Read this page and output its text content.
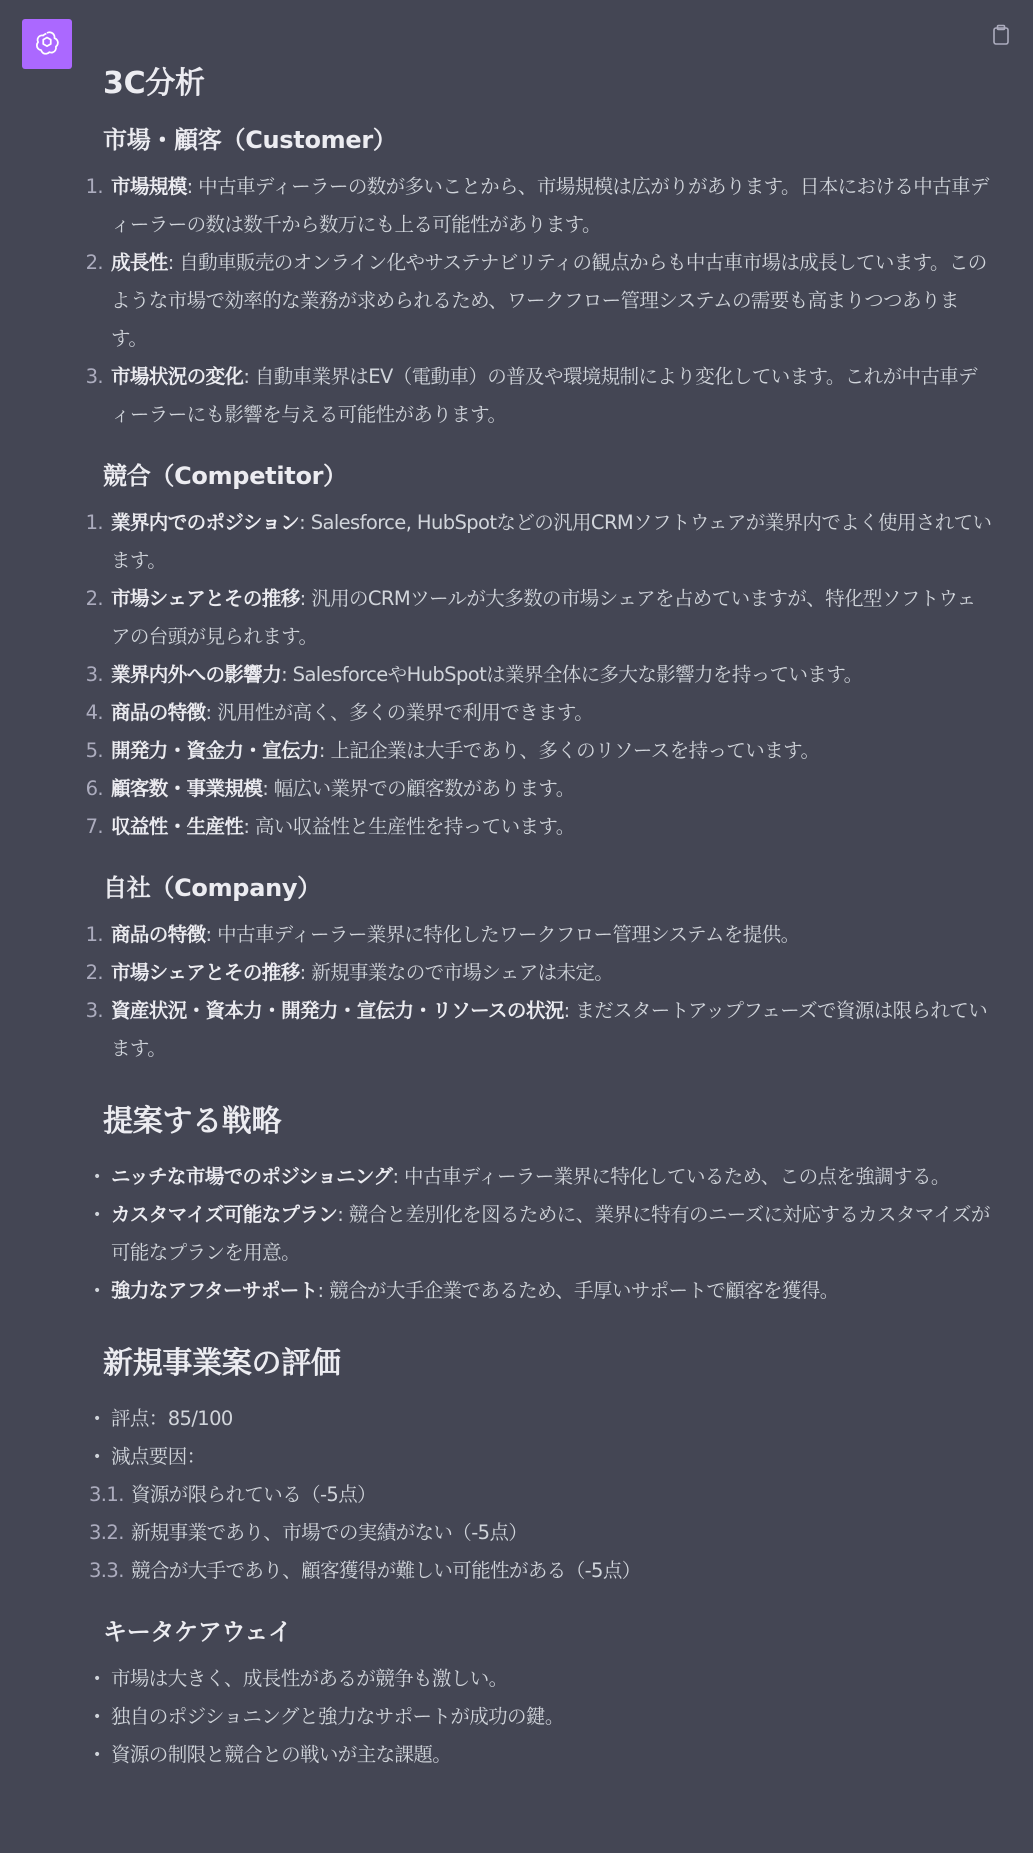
3C分析
市場・顧客（Customer）
1. 市場規模: 中古車ディーラーの数が多いことから、市場規模は広がりがあります。日本における中古車ディーラーの数は数千から数万にも上る可能性があります。
2. 成長性: 自動車販売のオンライン化やサステナビリティの観点からも中古車市場は成長しています。このような市場で効率的な業務が求められるため、ワークフロー管理システムの需要も高まりつつあります。
3. 市場状況の変化: 自動車業界はEV（電動車）の普及や環境規制により変化しています。これが中古車ディーラーにも影響を与える可能性があります。
競合（Competitor）
1. 業界内でのポジション: Salesforce, HubSpotなどの汎用CRMソフトウェアが業界内でよく使用されています。
2. 市場シェアとその推移: 汎用のCRMツールが大多数の市場シェアを占めていますが、特化型ソフトウェアの台頭が見られます。
3. 業界内外への影響力: SalesforceやHubSpotは業界全体に多大な影響力を持っています。
4. 商品の特徴: 汎用性が高く、多くの業界で利用できます。
5. 開発力・資金力・宣伝力: 上記企業は大手であり、多くのリソースを持っています。
6. 顧客数・事業規模: 幅広い業界での顧客数があります。
7. 収益性・生産性: 高い収益性と生産性を持っています。
自社（Company）
1. 商品の特徴: 中古車ディーラー業界に特化したワークフロー管理システムを提供。
2. 市場シェアとその推移: 新規事業なので市場シェアは未定。
3. 資産状況・資本力・開発力・宣伝力・リソースの状況: まだスタートアップフェーズで資源は限られています。
提案する戦略
• ニッチな市場でのポジショニング: 中古車ディーラー業界に特化しているため、この点を強調する。
• カスタマイズ可能なプラン: 競合と差別化を図るために、業界に特有のニーズに対応するカスタマイズが可能なプランを用意。
• 強力なアフターサポート: 競合が大手企業であるため、手厚いサポートで顧客を獲得。
新規事業案の評価
• 評点：85/100
• 減点要因：
3.1. 資源が限られている（-5点）
3.2. 新規事業であり、市場での実績がない（-5点）
3.3. 競合が大手であり、顧客獲得が難しい可能性がある（-5点）
キータケアウェイ
• 市場は大きく、成長性があるが競争も激しい。
• 独自のポジショニングと強力なサポートが成功の鍵。
• 資源の制限と競合との戦いが主な課題。
